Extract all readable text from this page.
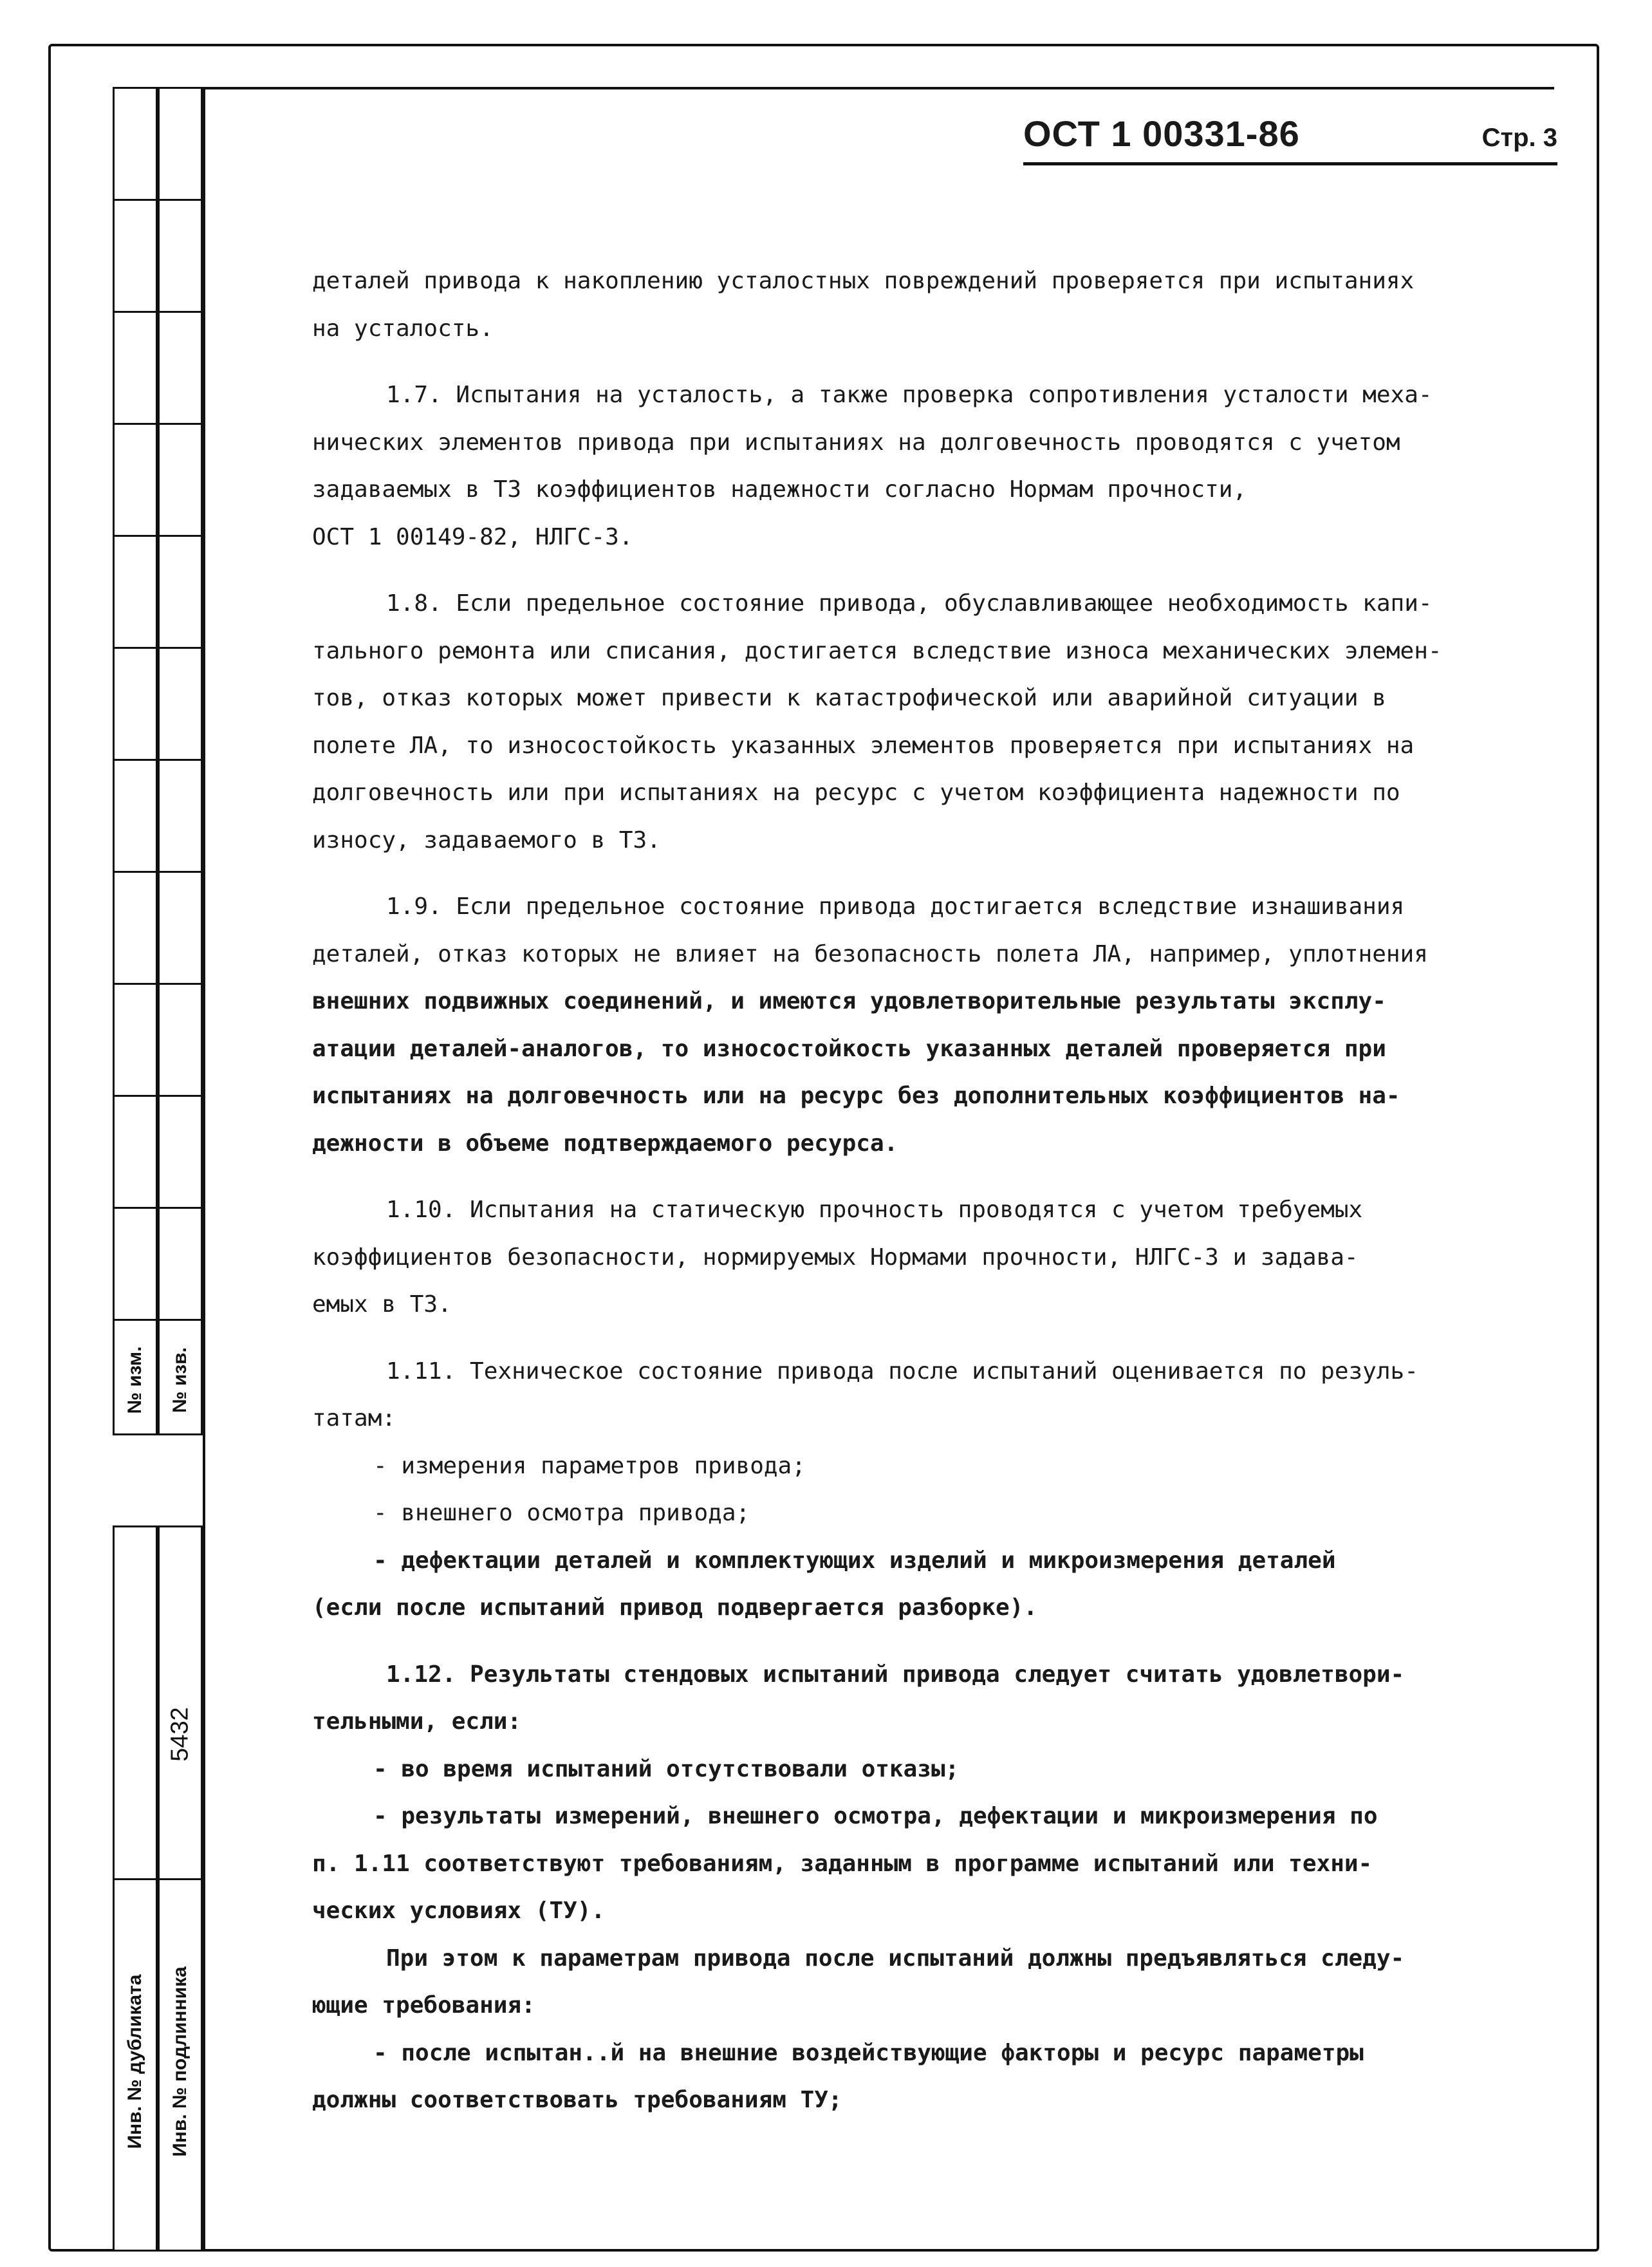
№ изм. № изв.
Инв. № дубликата
5432
Инв. № подлинника
ОСТ 1 00331-86	Стр. 3
деталей привода к накоплению усталостных повреждений проверяется при испытаниях
на усталость.
1.7. Испытания на усталость, а также проверка сопротивления усталости меха-
нических элементов привода при испытаниях на долговечность проводятся с учетом
задаваемых в ТЗ коэффициентов надежности согласно Нормам прочности,
ОСТ 1 00149-82, НЛГС-3.
1.8. Если предельное состояние привода, обуславливающее необходимость капи-
тального ремонта или списания, достигается вследствие износа механических элемен-
тов, отказ которых может привести к катастрофической или аварийной ситуации в
полете ЛА, то износостойкость указанных элементов проверяется при испытаниях на
долговечность или при испытаниях на ресурс с учетом коэффициента надежности по
износу, задаваемого в ТЗ.
1.9. Если предельное состояние привода достигается вследствие изнашивания
деталей, отказ которых не влияет на безопасность полета ЛА, например, уплотнения
внешних подвижных соединений, и имеются удовлетворительные результаты эксплу-
атации деталей-аналогов, то износостойкость указанных деталей проверяется при
испытаниях на долговечность или на ресурс без дополнительных коэффициентов на-
дежности в объеме подтверждаемого ресурса.
1.10. Испытания на статическую прочность проводятся с учетом требуемых
коэффициентов безопасности, нормируемых Нормами прочности, НЛГС-3 и задава-
емых в ТЗ.
1.11. Техническое состояние привода после испытаний оценивается по резуль-
татам:
- измерения параметров привода;
- внешнего осмотра привода;
- дефектации деталей и комплектующих изделий и микроизмерения деталей
(если после испытаний привод подвергается разборке).
1.12. Результаты стендовых испытаний привода следует считать удовлетвори-
тельными, если:
- во время испытаний отсутствовали отказы;
- результаты измерений, внешнего осмотра, дефектации и микроизмерения по
п. 1.11 соответствуют требованиям, заданным в программе испытаний или техни-
ческих условиях (ТУ).
При этом к параметрам привода после испытаний должны предъявляться следу-
ющие требования:
- после испытан..й на внешние воздействующие факторы и ресурс параметры
должны соответствовать требованиям ТУ;
